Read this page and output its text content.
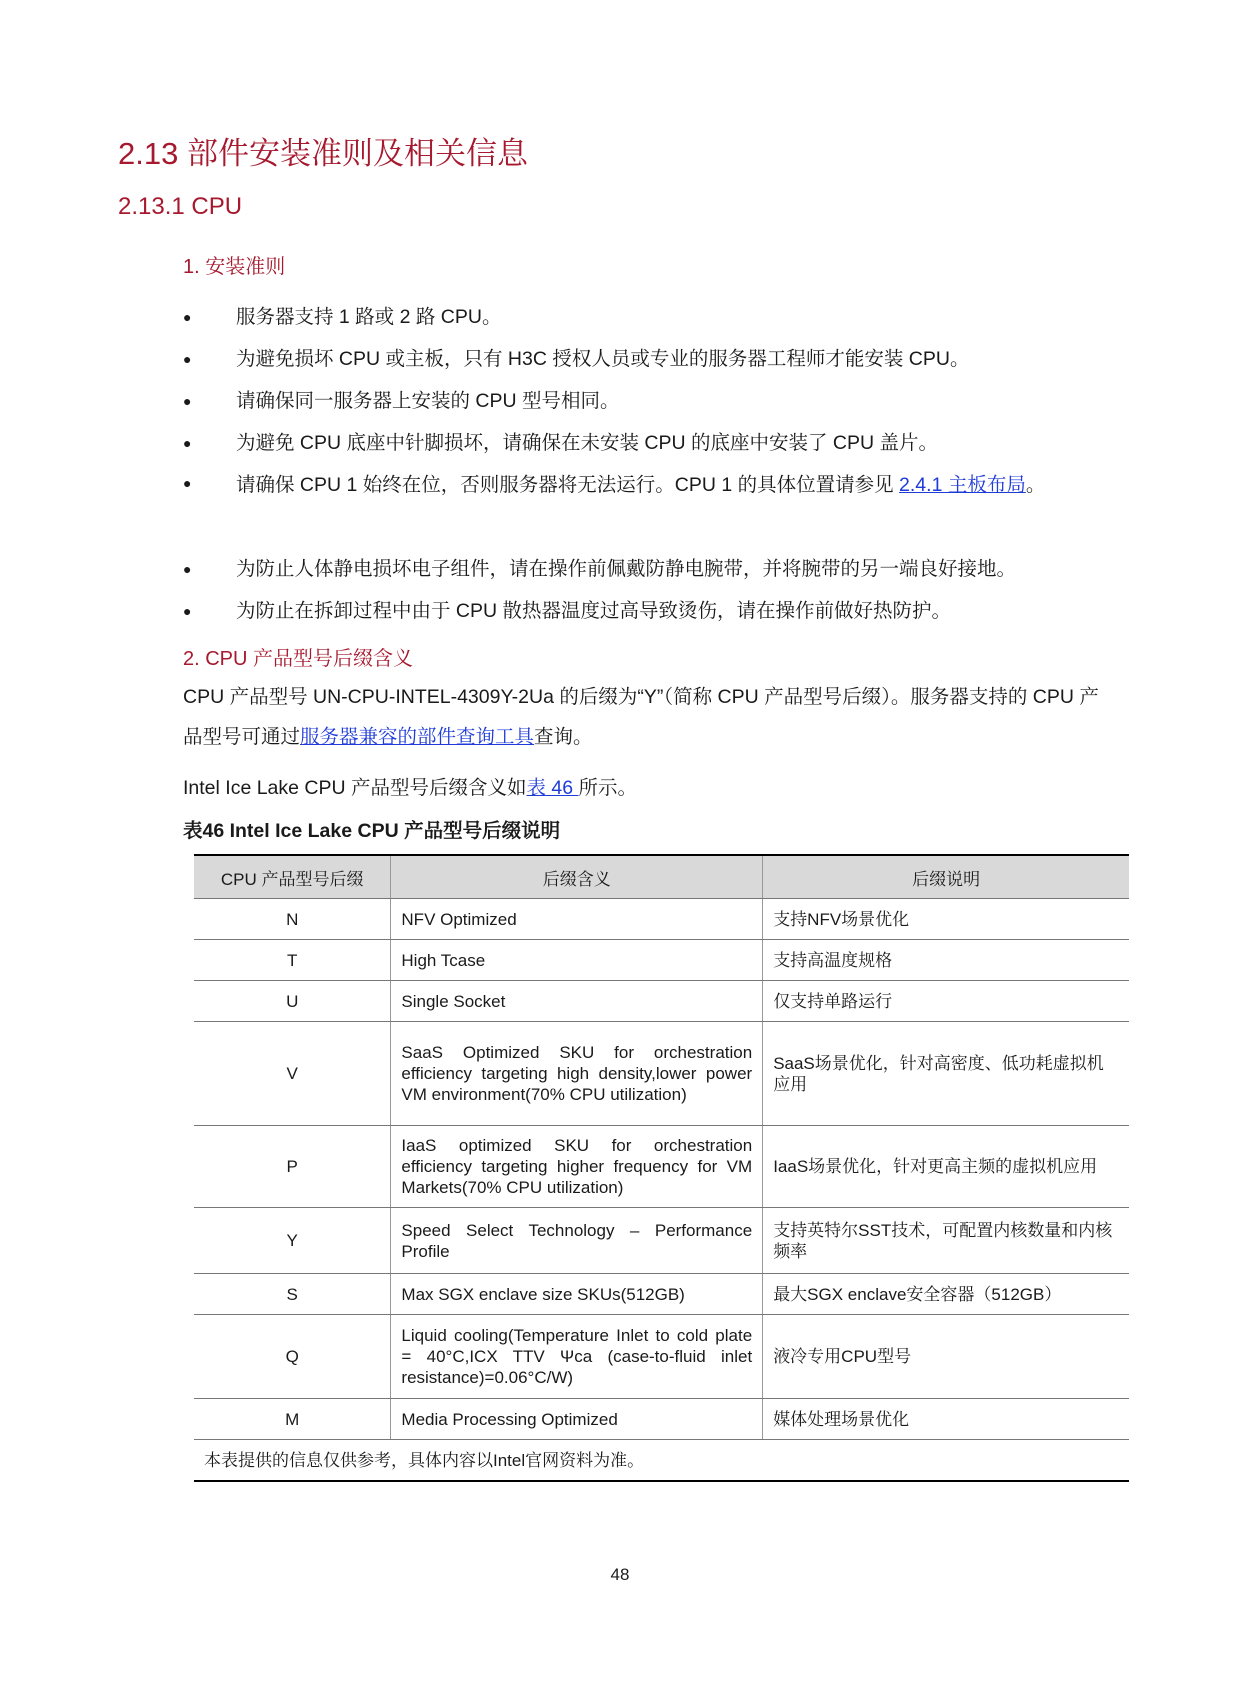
2.13 部件安装准则及相关信息
2.13.1 CPU
1. 安装准则
● 服务器支持 1 路或 2 路 CPU。
● 为避免损坏 CPU 或主板，只有 H3C 授权人员或专业的服务器工程师才能安装 CPU。
● 请确保同一服务器上安装的 CPU 型号相同。
● 为避免 CPU 底座中针脚损坏，请确保在未安装 CPU 的底座中安装了 CPU 盖片。
● 请确保 CPU 1 始终在位，否则服务器将无法运行。CPU 1 的具体位置请参见 2.4.1 主板布局。
● 为防止人体静电损坏电子组件，请在操作前佩戴防静电腕带，并将腕带的另一端良好接地。
● 为防止在拆卸过程中由于 CPU 散热器温度过高导致烫伤，请在操作前做好热防护。
2. CPU 产品型号后缀含义

CPU 产品型号 UN-CPU-INTEL-4309Y-2Ua 的后缀为“Y”（简称 CPU 产品型号后缀）。服务器支持的 CPU 产品型号可通过服务器兼容的部件查询工具查询。

Intel Ice Lake CPU 产品型号后缀含义如表 46 所示。

表46 Intel Ice Lake CPU 产品型号后缀说明

CPU 产品型号后缀	后缀含义	后缀说明
N	NFV Optimized	支持NFV场景优化
T	High Tcase	支持高温度规格
U	Single Socket	仅支持单路运行
V	SaaS Optimized SKU for orchestration efficiency targeting high density,lower power VM environment(70% CPU utilization)	SaaS场景优化，针对高密度、低功耗虚拟机应用
P	IaaS optimized SKU for orchestration efficiency targeting higher frequency for VM Markets(70% CPU utilization)	IaaS场景优化，针对更高主频的虚拟机应用
Y	Speed Select Technology – Performance Profile	支持英特尔SST技术，可配置内核数量和内核频率
S	Max SGX enclave size SKUs(512GB)	最大SGX enclave安全容器（512GB）
Q	Liquid cooling(Temperature Inlet to cold plate = 40°C,ICX TTV Ψca (case-to-fluid inlet resistance)=0.06°C/W)	液冷专用CPU型号
M	Media Processing Optimized	媒体处理场景优化
本表提供的信息仅供参考，具体内容以Intel官网资料为准。		
48
